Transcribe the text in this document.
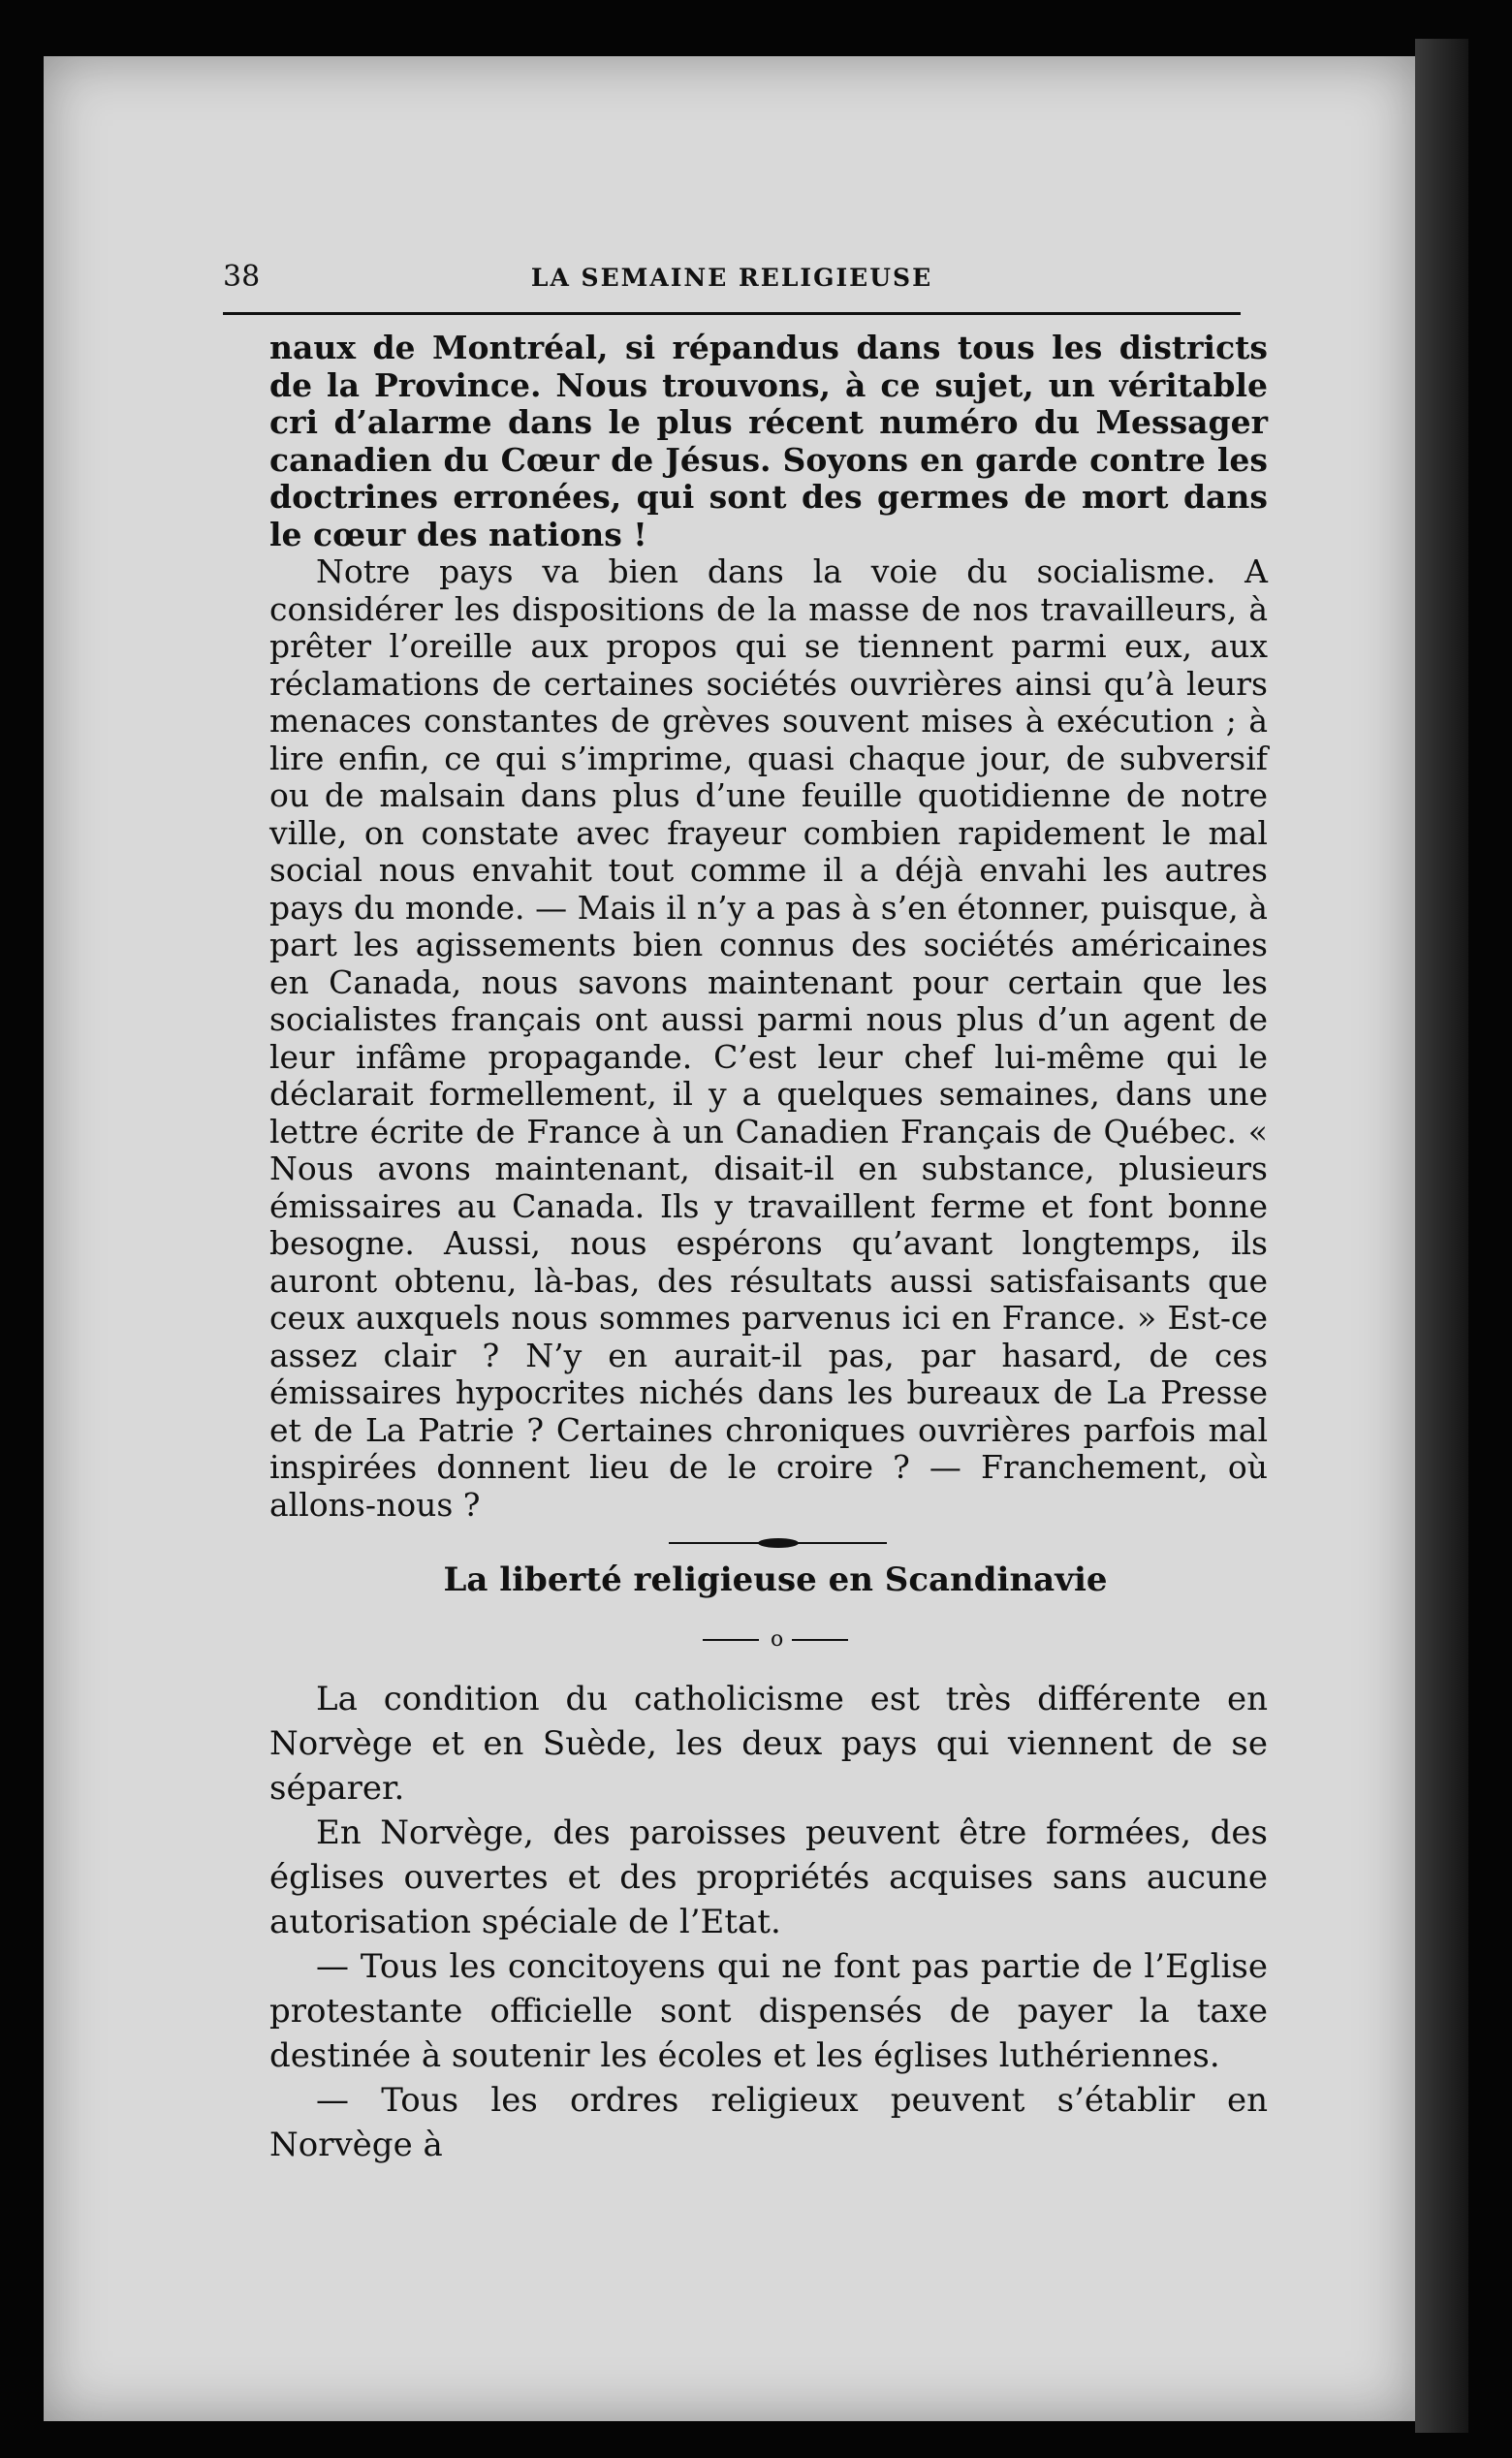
38	LA SEMAINE RELIGIEUSE

naux de Montréal, si répandus dans tous les districts de la Province. Nous trouvons, à ce sujet, un véritable cri d’alarme dans le plus récent numéro du Messager canadien du Cœur de Jésus. Soyons en garde contre les doctrines erronées, qui sont des germes de mort dans le cœur des nations !

Notre pays va bien dans la voie du socialisme. A considérer les dispositions de la masse de nos travailleurs, à prêter l’oreille aux propos qui se tiennent parmi eux, aux réclamations de certaines sociétés ouvrières ainsi qu’à leurs menaces constantes de grèves souvent mises à exécution ; à lire enfin, ce qui s’imprime, quasi chaque jour, de subversif ou de malsain dans plus d’une feuille quotidienne de notre ville, on constate avec frayeur combien rapidement le mal social nous envahit tout comme il a déjà envahi les autres pays du monde. — Mais il n’y a pas à s’en étonner, puisque, à part les agissements bien connus des sociétés américaines en Canada, nous savons maintenant pour certain que les socialistes français ont aussi parmi nous plus d’un agent de leur infâme propagande. C’est leur chef lui-même qui le déclarait formellement, il y a quelques semaines, dans une lettre écrite de France à un Canadien Français de Québec. « Nous avons maintenant, disait-il en substance, plusieurs émissaires au Canada. Ils y travaillent ferme et font bonne besogne. Aussi, nous espérons qu’avant longtemps, ils auront obtenu, là-bas, des résultats aussi satisfaisants que ceux auxquels nous sommes parvenus ici en France. » Est-ce assez clair ? N’y en aurait-il pas, par hasard, de ces émissaires hypocrites nichés dans les bureaux de La Presse et de La Patrie ? Certaines chroniques ouvrières parfois mal inspirées donnent lieu de le croire ? — Franchement, où allons-nous ?

La liberté religieuse en Scandinavie
o

La condition du catholicisme est très différente en Norvège et en Suède, les deux pays qui viennent de se séparer.

En Norvège, des paroisses peuvent être formées, des églises ouvertes et des propriétés acquises sans aucune autorisation spéciale de l’Etat.

— Tous les concitoyens qui ne font pas partie de l’Eglise protestante officielle sont dispensés de payer la taxe destinée à soutenir les écoles et les églises luthériennes.

— Tous les ordres religieux peuvent s’établir en Norvège à
